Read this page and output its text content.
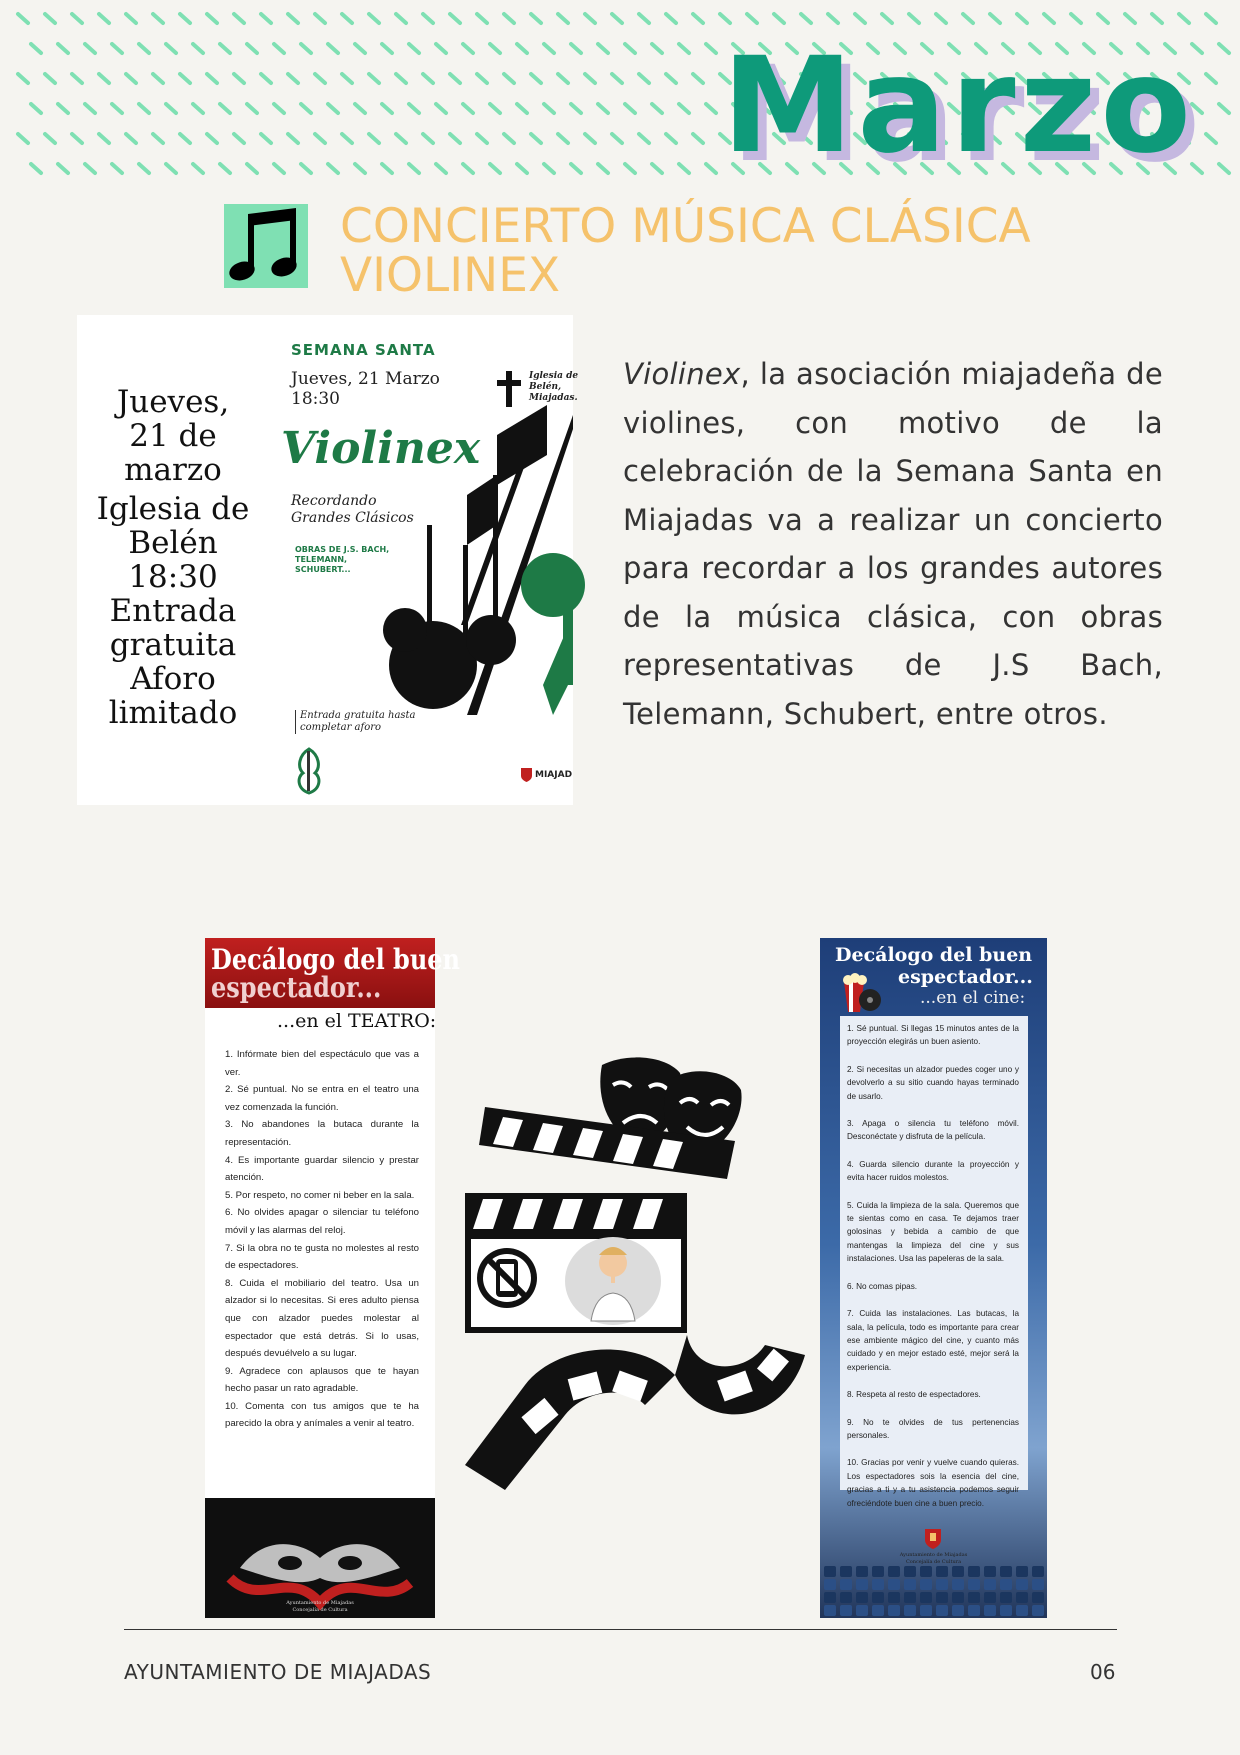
Marzo
CONCIERTO MÚSICA CLÁSICA
VIOLINEX
Jueves,
21 de marzo
Iglesia de
Belén
18:30
Entrada
gratuita
Aforo
limitado
SEMANA SANTA
Jueves, 21 Marzo
18:30
Iglesia de
Belén,
Miajadas.
Violinex
Recordando
Grandes Clásicos
OBRAS DE J.S. BACH, TELEMANN, SCHUBERT...
Entrada gratuita hasta
completar aforo
MIAJAD
Violinex, la asociación miajadeña de violines, con motivo de la celebración de la Semana Santa en Miajadas va a realizar un concierto para recordar a los grandes autores de la música clásica, con obras representativas de J.S Bach, Telemann, Schubert, entre otros.
Decálogo del buen
espectador...
...en el TEATRO:
1. Infórmate bien del espectáculo que vas a ver.
2. Sé puntual. No se entra en el teatro una vez comenzada la función.
3. No abandones la butaca durante la representación.
4. Es importante guardar silencio y prestar atención.
5. Por respeto, no comer ni beber en la sala.
6. No olvides apagar o silenciar tu teléfono móvil y las alarmas del reloj.
7. Si la obra no te gusta no molestes al resto de espectadores.
8. Cuida el mobiliario del teatro. Usa un alzador si lo necesitas. Si eres adulto piensa que con alzador puedes molestar al espectador que está detrás. Si lo usas, después devuélvelo a su lugar.
9. Agradece con aplausos que te hayan hecho pasar un rato agradable.
10. Comenta con tus amigos que te ha parecido la obra y anímales a venir al teatro.
Ayuntamiento de Miajadas
Concejalía de Cultura
Decálogo del buen
espectador...
...en el cine:
1. Sé puntual. Si llegas 15 minutos antes de la proyección elegirás un buen asiento.
2. Si necesitas un alzador puedes coger uno y devolverlo a su sitio cuando hayas terminado de usarlo.
3. Apaga o silencia tu teléfono móvil. Desconéctate y disfruta de la película.
4. Guarda silencio durante la proyección y evita hacer ruidos molestos.
5. Cuida la limpieza de la sala. Queremos que te sientas como en casa. Te dejamos traer golosinas y bebida a cambio de que mantengas la limpieza del cine y sus instalaciones. Usa las papeleras de la sala.
6. No comas pipas.
7. Cuida las instalaciones. Las butacas, la sala, la película, todo es importante para crear ese ambiente mágico del cine, y cuanto más cuidado y en mejor estado esté, mejor será la experiencia.
8. Respeta al resto de espectadores.
9. No te olvides de tus pertenencias personales.
10. Gracias por venir y vuelve cuando quieras. Los espectadores sois la esencia del cine, gracias a ti y a tu asistencia podemos seguir ofreciéndote buen cine a buen precio.
Ayuntamiento de Miajadas
Concejalía de Cultura
AYUNTAMIENTO DE MIAJADAS	06
